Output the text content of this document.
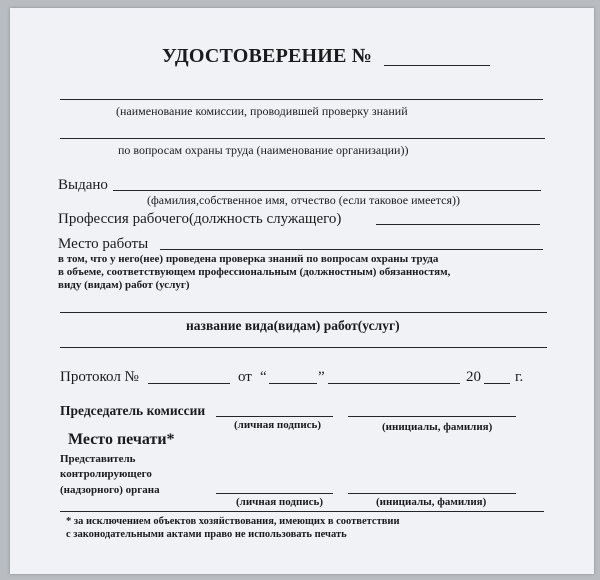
УДОСТОВЕРЕНИЕ №
(наименование комиссии, проводившей проверку знаний
по вопросам охраны труда (наименование организации))
Выдано
(фамилия,собственное имя, отчество (если таковое имеется))
Профессия рабочего(должность служащего)
Место работы
в том, что у него(нее) проведена проверка знаний по вопросам охраны труда
в объеме, соответствующем профессиональным (должностным) обязанностям,
виду (видам) работ (услуг)
название вида(видам) работ(услуг)
Протокол №	от “	”	20 г.
Председатель комиссии
(личная подпись)	(инициалы, фамилия)
Место печати*
Представитель
контролирующего
(надзорного) органа
(личная подпись)	(инициалы, фамилия)
* за исключением объектов хозяйствования, имеющих в соответствии
с законодательными актами право не использовать печать
